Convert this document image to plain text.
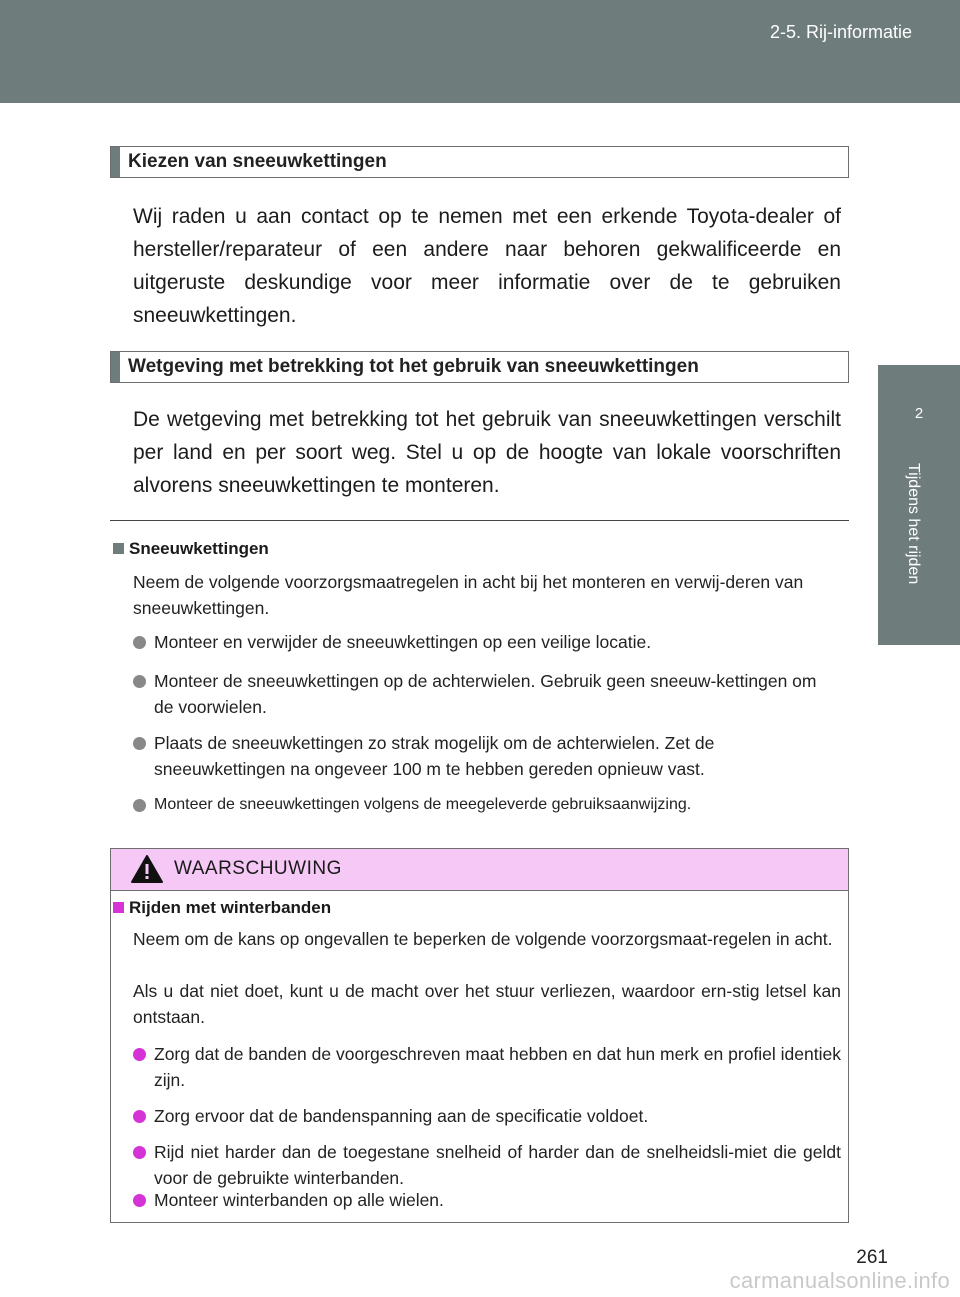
2-5. Rij-informatie
2
Tijdens het rijden
Kiezen van sneeuwkettingen
Wij raden u aan contact op te nemen met een erkende Toyota-dealer of hersteller/reparateur of een andere naar behoren gekwalificeerde en uitgeruste deskundige voor meer informatie over de te gebruiken sneeuwkettingen.
Wetgeving met betrekking tot het gebruik van sneeuwkettingen
De wetgeving met betrekking tot het gebruik van sneeuwkettingen verschilt per land en per soort weg. Stel u op de hoogte van lokale voorschriften alvorens sneeuwkettingen te monteren.
Sneeuwkettingen
Neem de volgende voorzorgsmaatregelen in acht bij het monteren en verwij-deren van sneeuwkettingen.
Monteer en verwijder de sneeuwkettingen op een veilige locatie.
Monteer de sneeuwkettingen op de achterwielen. Gebruik geen sneeuw-kettingen om de voorwielen.
Plaats de sneeuwkettingen zo strak mogelijk om de achterwielen. Zet de sneeuwkettingen na ongeveer 100 m te hebben gereden opnieuw vast.
Monteer de sneeuwkettingen volgens de meegeleverde gebruiksaanwijzing.
WAARSCHUWING
Rijden met winterbanden
Neem om de kans op ongevallen te beperken de volgende voorzorgsmaat-regelen in acht.
Als u dat niet doet, kunt u de macht over het stuur verliezen, waardoor ern-stig letsel kan ontstaan.
Zorg dat de banden de voorgeschreven maat hebben en dat hun merk en profiel identiek zijn.
Zorg ervoor dat de bandenspanning aan de specificatie voldoet.
Rijd niet harder dan de toegestane snelheid of harder dan de snelheidsli-miet die geldt voor de gebruikte winterbanden.
Monteer winterbanden op alle wielen.
261
carmanualsonline.info
